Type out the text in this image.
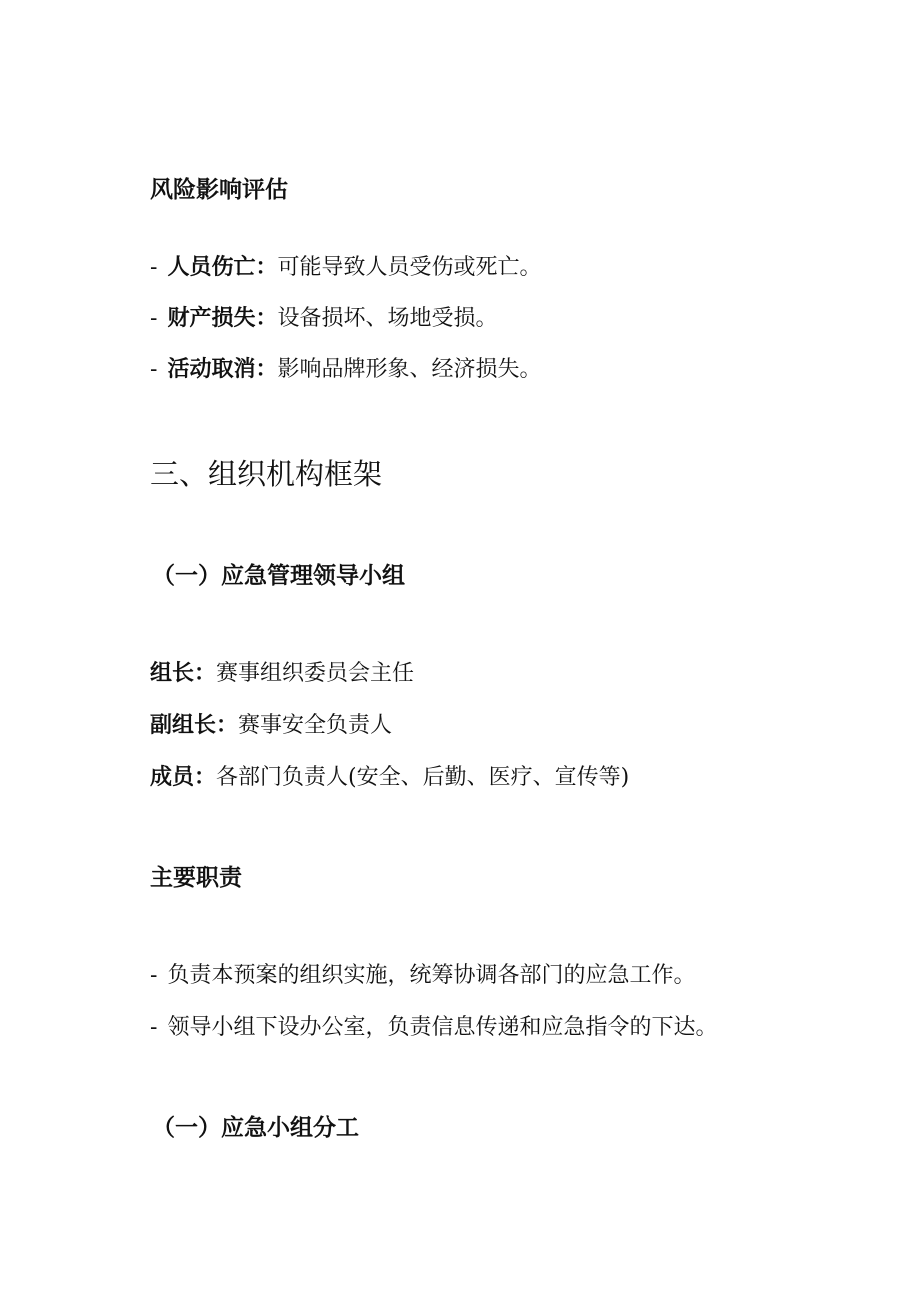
风险影响评估
- 人员伤亡：可能导致人员受伤或死亡。
- 财产损失：设备损坏、场地受损。
- 活动取消：影响品牌形象、经济损失。
三、组织机构框架
（一）应急管理领导小组
组长：赛事组织委员会主任
副组长：赛事安全负责人
成员：各部门负责人(安全、后勤、医疗、宣传等)
主要职责
- 负责本预案的组织实施，统筹协调各部门的应急工作。
- 领导小组下设办公室，负责信息传递和应急指令的下达。
（一）应急小组分工
